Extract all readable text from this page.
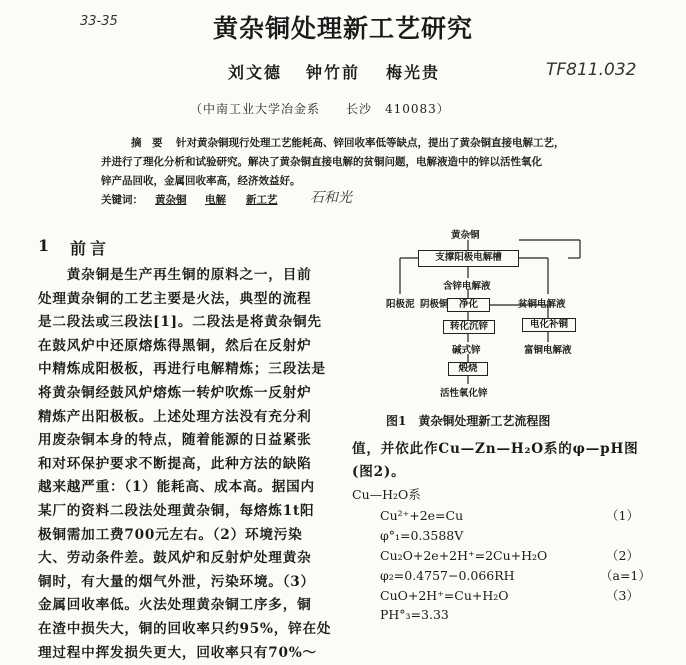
33-35
TF811.032
黄杂铜处理新工艺研究
刘文德 钟竹前 梅光贵
（中南工业大学冶金系　　长沙　410083）
摘　要 针对黄杂铜现行处理工艺能耗高、锌回收率低等缺点，提出了黄杂铜直接电解工艺，
并进行了理化分析和试验研究。解决了黄杂铜直接电解的贫铜问题，电解液造中的锌以活性氧化
锌产品回收，金属回收率高，经济效益好。
关键词： 黄杂铜 电解 新工艺 石和光
1 前言
　　黄杂铜是生产再生铜的原料之一，目前
处理黄杂铜的工艺主要是火法，典型的流程
是二段法或三段法[1]。二段法是将黄杂铜先
在鼓风炉中还原熔炼得黑铜，然后在反射炉
中精炼成阳极板，再进行电解精炼；三段法是
将黄杂铜经鼓风炉熔炼一转炉吹炼一反射炉
精炼产出阳极板。上述处理方法没有充分利
用废杂铜本身的特点，随着能源的日益紧张
和对环保护要求不断提高，此种方法的缺陷
越来越严重：（1）能耗高、成本高。据国内
某厂的资料二段法处理黄杂铜，每熔炼1t阳
极铜需加工费700元左右。（2）环境污染
大、劳动条件差。鼓风炉和反射炉处理黄杂
铜时，有大量的烟气外泄，污染环境。（3）
金属回收率低。火法处理黄杂铜工序多，铜
在渣中损失大，铜的回收率只约95%，锌在处
理过程中挥发损失更大，回收率只有70%～
黄杂铜
支撑阳极电解槽
含锌电解液
阳极泥 阴极铜	净化	贫铜电解液
转化沉锌	电化补铜
碱式锌	富铜电解液
煅烧
活性氧化锌
图1　黄杂铜处理新工艺流程图
值，并依此作Cu—Zn—H₂O系的φ—pH图
(图2)。
Cu—H₂O系
Cu²⁺+2e=Cu	（1）
φ°₁=0.3588V
Cu₂O+2e+2H⁺=2Cu+H₂O	（2）
φ₂=0.4757−0.066RH	（a=1）
CuO+2H⁺=Cu+H₂O	（3）
PH°₃=3.33
